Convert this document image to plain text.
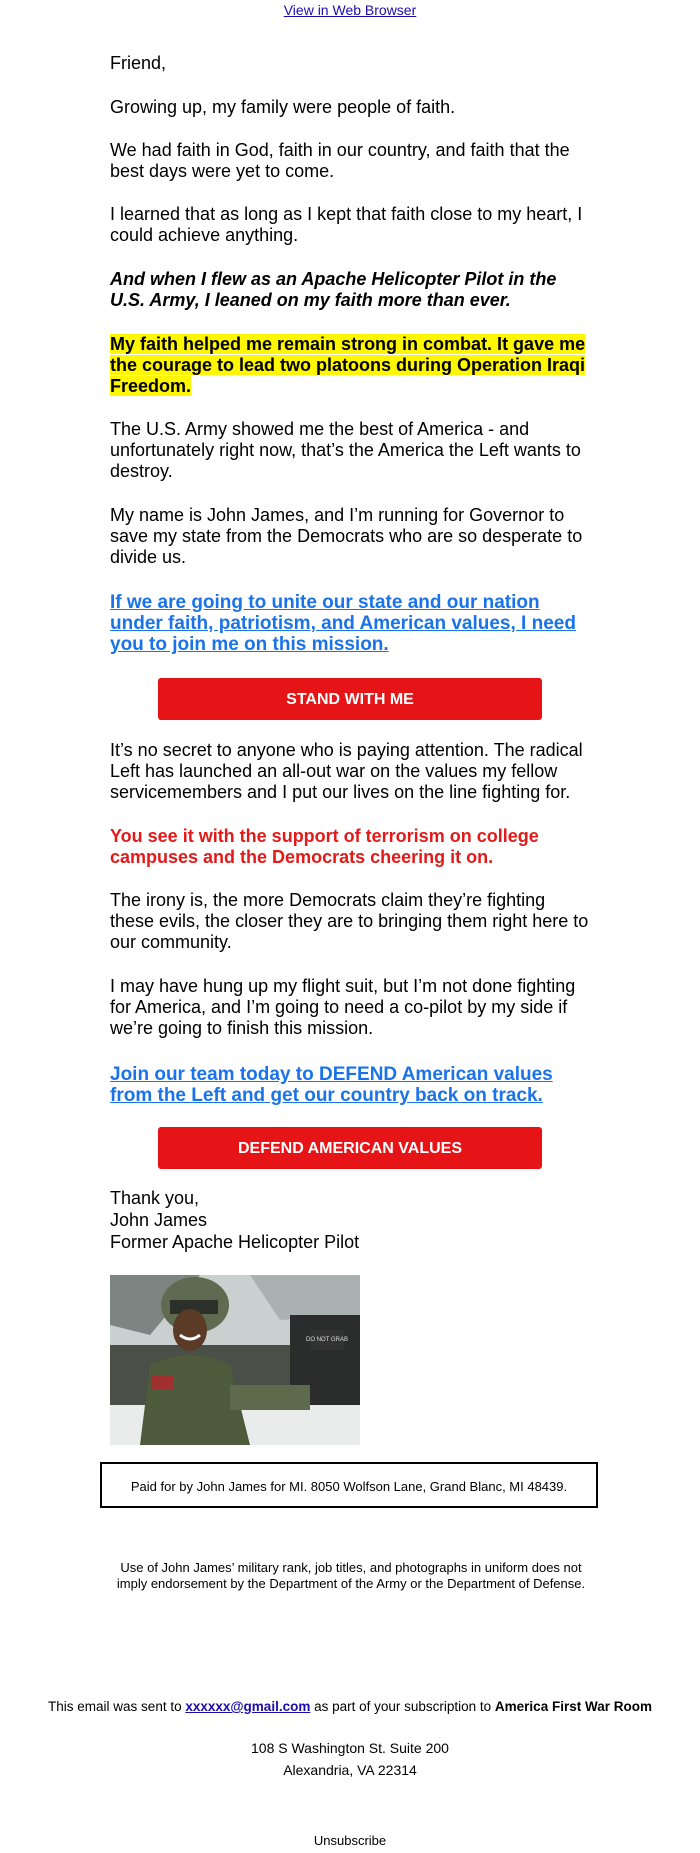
View in Web Browser

Friend,

Growing up, my family were people of faith.

We had faith in God, faith in our country, and faith that the best days were yet to come.

I learned that as long as I kept that faith close to my heart, I could achieve anything.

And when I flew as an Apache Helicopter Pilot in the U.S. Army, I leaned on my faith more than ever.

My faith helped me remain strong in combat. It gave me the courage to lead two platoons during Operation Iraqi Freedom.

The U.S. Army showed me the best of America - and unfortunately right now, that’s the America the Left wants to destroy.

My name is John James, and I’m running for Governor to save my state from the Democrats who are so desperate to divide us.

If we are going to unite our state and our nation under faith, patriotism, and American values, I need you to join me on this mission.

STAND WITH ME

It’s no secret to anyone who is paying attention. The radical Left has launched an all-out war on the values my fellow servicemembers and I put our lives on the line fighting for.

You see it with the support of terrorism on college campuses and the Democrats cheering it on.

The irony is, the more Democrats claim they’re fighting these evils, the closer they are to bringing them right here to our community.

I may have hung up my flight suit, but I’m not done fighting for America, and I’m going to need a co-pilot by my side if we’re going to finish this mission.

Join our team today to DEFEND American values from the Left and get our country back on track.

DEFEND AMERICAN VALUES

Thank you,

John James

Former Apache Helicopter Pilot

DO NOT GRAB
Paid for by John James for MI. 8050 Wolfson Lane, Grand Blanc, MI 48439.
Use of John James’ military rank, job titles, and photographs in uniform does not imply endorsement by the Department of the Army or the Department of Defense.
This email was sent to xxxxxx@gmail.com as part of your subscription to America First War Room
108 S Washington St. Suite 200
Alexandria, VA 22314
Unsubscribe
